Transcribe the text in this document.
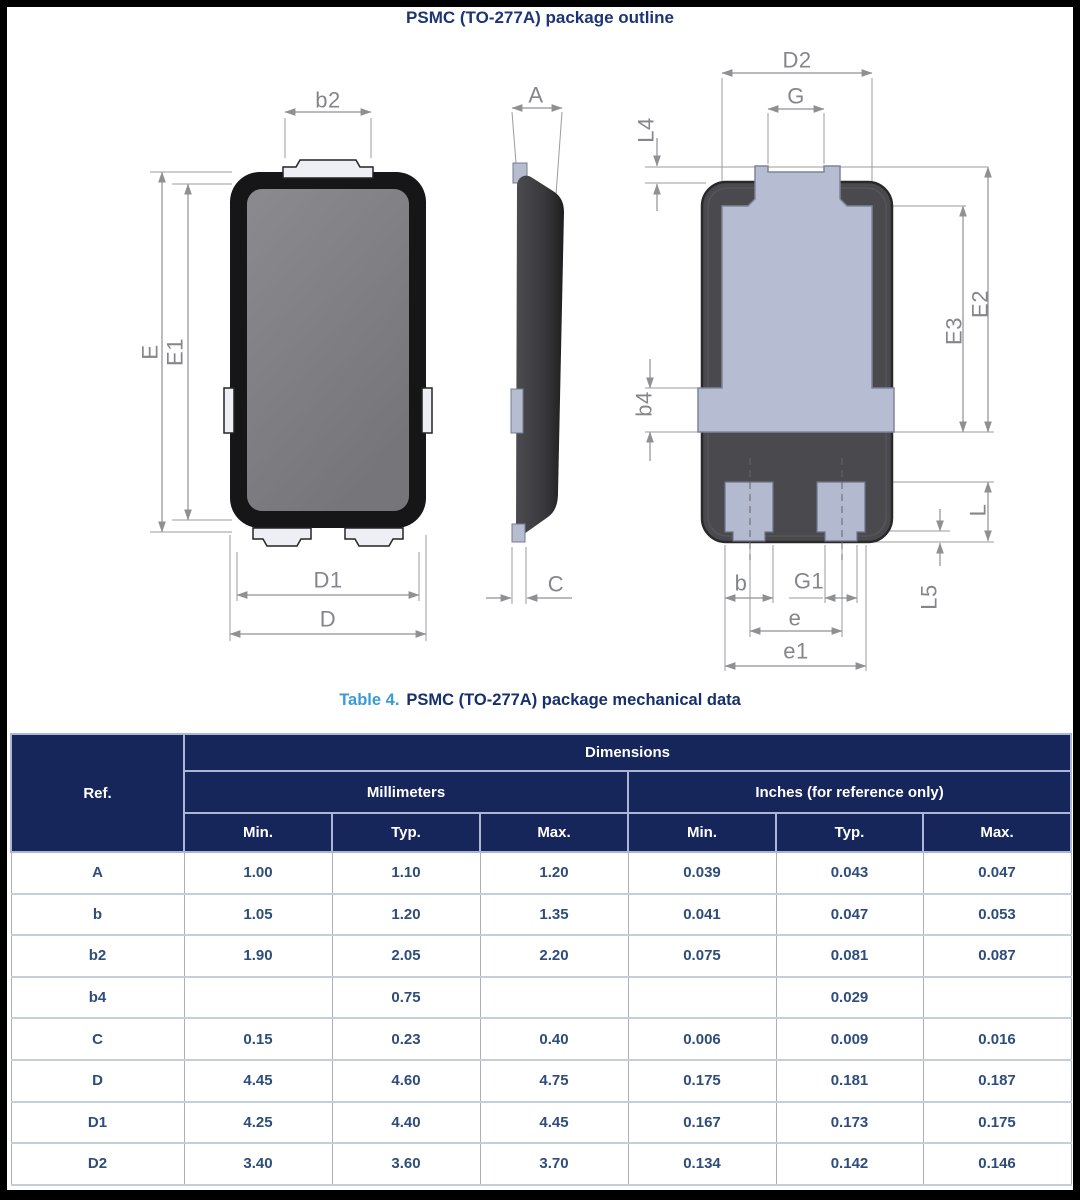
PSMC (TO-277A) package outline
b2
E E1
D1
D
A
C
D2
G
L4
E2
E3
b4
L
L5
b G1
e
e1
Table 4. PSMC (TO-277A) package mechanical data
Ref.	Dimensions					
	Millimeters			Inches (for reference only)		
	Min.	Typ.	Max.	Min.	Typ.	Max.
A	1.00	1.10	1.20	0.039	0.043	0.047
b	1.05	1.20	1.35	0.041	0.047	0.053
b2	1.90	2.05	2.20	0.075	0.081	0.087
b4		0.75			0.029	
C	0.15	0.23	0.40	0.006	0.009	0.016
D	4.45	4.60	4.75	0.175	0.181	0.187
D1	4.25	4.40	4.45	0.167	0.173	0.175
D2	3.40	3.60	3.70	0.134	0.142	0.146
